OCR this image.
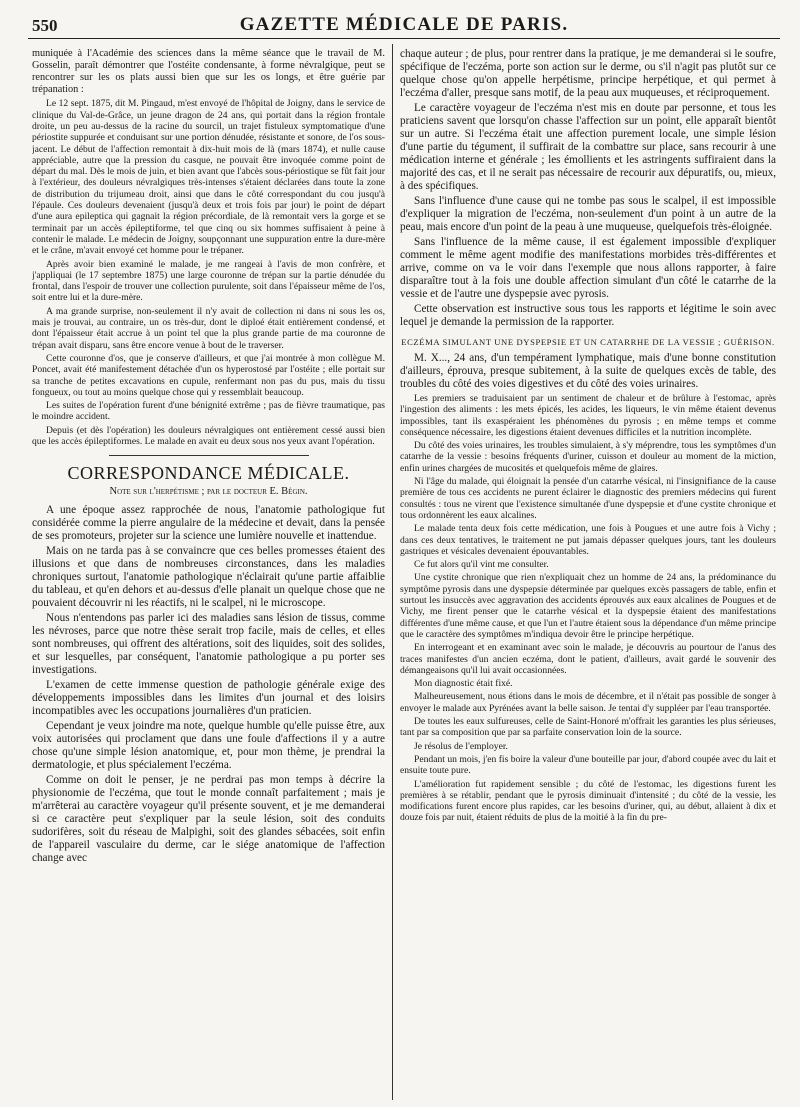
550	GAZETTE MÉDICALE DE PARIS.

muniquée à l'Académie des sciences dans la même séance que le travail de M. Gosselin, paraît démontrer que l'ostéite condensante, à forme névralgique, peut se rencontrer sur les os plats aussi bien que sur les os longs, et être guérie par trépanation :

Le 12 sept. 1875, dit M. Pingaud, m'est envoyé de l'hôpital de Joigny, dans le service de clinique du Val-de-Grâce, un jeune dragon de 24 ans, qui portait dans la région frontale droite, un peu au-dessus de la racine du sourcil, un trajet fistuleux symptomatique d'une périostite suppurée et conduisant sur une portion dénudée, résistante et sonore, de l'os sous-jacent. Le début de l'affection remontait à dix-huit mois de là (mars 1874), et nulle cause appréciable, autre que la pression du casque, ne pouvait être invoquée comme point de départ du mal. Dès le mois de juin, et bien avant que l'abcès sous-périostique se fût fait jour à l'extérieur, des douleurs névralgiques très-intenses s'étaient déclarées dans toute la zone de distribution du trijumeau droit, ainsi que dans le côté correspondant du cou jusqu'à l'épaule. Ces douleurs devenaient (jusqu'à deux et trois fois par jour) le point de départ d'une aura epileptica qui gagnait la région précordiale, de là remontait vers la gorge et se terminait par un accès épileptiforme, tel que cinq ou six hommes suffisaient à peine à contenir le malade. Le médecin de Joigny, soupçonnant une suppuration entre la dure-mère et le crâne, m'avait envoyé cet homme pour le trépaner.

Après avoir bien examiné le malade, je me rangeai à l'avis de mon confrère, et j'appliquai (le 17 septembre 1875) une large couronne de trépan sur la partie dénudée du frontal, dans l'espoir de trouver une collection purulente, soit dans l'épaisseur même de l'os, soit entre lui et la dure-mère.

A ma grande surprise, non-seulement il n'y avait de collection ni dans ni sous les os, mais je trouvai, au contraire, un os très-dur, dont le diploé était entièrement condensé, et dont l'épaisseur était accrue à un point tel que la plus grande partie de ma couronne de trépan avait disparu, sans être encore venue à bout de le traverser.

Cette couronne d'os, que je conserve d'ailleurs, et que j'ai montrée à mon collègue M. Poncet, avait été manifestement détachée d'un os hyperostosé par l'ostéite ; elle portait sur sa tranche de petites excavations en cupule, renfermant non pas du pus, mais du tissu fongueux, ou tout au moins quelque chose qui y ressemblait beaucoup.

Les suites de l'opération furent d'une bénignité extrême ; pas de fièvre traumatique, pas le moindre accident.

Depuis (et dès l'opération) les douleurs névralgiques ont entièrement cessé aussi bien que les accès épileptiformes. Le malade en avait eu deux sous nos yeux avant l'opération.

CORRESPONDANCE MÉDICALE.
Note sur l'herpétisme ; par le docteur E. Bégin.

A une époque assez rapprochée de nous, l'anatomie pathologique fut considérée comme la pierre angulaire de la médecine et devait, dans la pensée de ses promoteurs, projeter sur la science une lumière nouvelle et inattendue.

Mais on ne tarda pas à se convaincre que ces belles promesses étaient des illusions et que dans de nombreuses circonstances, dans les maladies chroniques surtout, l'anatomie pathologique n'éclairait qu'une partie affaiblie du tableau, et qu'en dehors et au-dessus d'elle planait un quelque chose que ne pouvaient découvrir ni les réactifs, ni le scalpel, ni le microscope.

Nous n'entendons pas parler ici des maladies sans lésion de tissus, comme les névroses, parce que notre thèse serait trop facile, mais de celles, et elles sont nombreuses, qui offrent des altérations, soit des liquides, soit des solides, et sur lesquelles, par conséquent, l'anatomie pathologique a pu porter ses investigations.

L'examen de cette immense question de pathologie générale exige des développements impossibles dans les limites d'un journal et des loisirs incompatibles avec les occupations journalières d'un praticien.

Cependant je veux joindre ma note, quelque humble qu'elle puisse être, aux voix autorisées qui proclament que dans une foule d'affections il y a autre chose qu'une simple lésion anatomique, et, pour mon thème, je prendrai la dermatologie, et plus spécialement l'eczéma.

Comme on doit le penser, je ne perdrai pas mon temps à décrire la physionomie de l'eczéma, que tout le monde connaît parfaitement ; mais je m'arrêterai au caractère voyageur qu'il présente souvent, et je me demanderai si ce caractère peut s'expliquer par la seule lésion, soit des conduits sudorifères, soit du réseau de Malpighi, soit des glandes sébacées, soit enfin de l'appareil vasculaire du derme, car le siége anatomique de l'affection change avec

chaque auteur ; de plus, pour rentrer dans la pratique, je me demanderai si le soufre, spécifique de l'eczéma, porte son action sur le derme, ou s'il n'agit pas plutôt sur ce quelque chose qu'on appelle herpétisme, principe herpétique, et qui permet à l'eczéma d'aller, presque sans motif, de la peau aux muqueuses, et réciproquement.

Le caractère voyageur de l'eczéma n'est mis en doute par personne, et tous les praticiens savent que lorsqu'on chasse l'affection sur un point, elle apparaît bientôt sur un autre. Si l'eczéma était une affection purement locale, une simple lésion d'une partie du tégument, il suffirait de la combattre sur place, sans recourir à une médication interne et générale ; les émollients et les astringents suffiraient dans la majorité des cas, et il ne serait pas nécessaire de recourir aux dépuratifs, ou, mieux, à des spécifiques.

Sans l'influence d'une cause qui ne tombe pas sous le scalpel, il est impossible d'expliquer la migration de l'eczéma, non-seulement d'un point à un autre de la peau, mais encore d'un point de la peau à une muqueuse, quelquefois très-éloignée.

Sans l'influence de la même cause, il est également impossible d'expliquer comment le même agent modifie des manifestations morbides très-différentes et arrive, comme on va le voir dans l'exemple que nous allons rapporter, à faire disparaître tout à la fois une double affection simulant d'un côté le catarrhe de la vessie et de l'autre une dyspepsie avec pyrosis.

Cette observation est instructive sous tous les rapports et légitime le soin avec lequel je demande la permission de la rapporter.

ECZÉMA SIMULANT UNE DYSPEPSIE ET UN CATARRHE DE LA VESSIE ; GUÉRISON.

M. X..., 24 ans, d'un tempérament lymphatique, mais d'une bonne constitution d'ailleurs, éprouva, presque subitement, à la suite de quelques excès de table, des troubles du côté des voies digestives et du côté des voies urinaires.

Les premiers se traduisaient par un sentiment de chaleur et de brûlure à l'estomac, après l'ingestion des aliments : les mets épicés, les acides, les liqueurs, le vin même étaient devenus impossibles, tant ils exaspéraient les phénomènes du pyrosis ; en même temps et comme conséquence nécessaire, les digestions étaient devenues difficiles et la nutrition incomplète.

Du côté des voies urinaires, les troubles simulaient, à s'y méprendre, tous les symptômes d'un catarrhe de la vessie : besoins fréquents d'uriner, cuisson et douleur au moment de la miction, enfin urines chargées de mucosités et quelquefois même de glaires.

Ni l'âge du malade, qui éloignait la pensée d'un catarrhe vésical, ni l'insignifiance de la cause première de tous ces accidents ne purent éclairer le diagnostic des premiers médecins qui furent consultés : tous ne virent que l'existence simultanée d'une dyspepsie et d'une cystite chronique et tous ordonnèrent les eaux alcalines.

Le malade tenta deux fois cette médication, une fois à Pougues et une autre fois à Vichy ; dans ces deux tentatives, le traitement ne put jamais dépasser quelques jours, tant les douleurs gastriques et vésicales devenaient épouvantables.

Ce fut alors qu'il vint me consulter.

Une cystite chronique que rien n'expliquait chez un homme de 24 ans, la prédominance du symptôme pyrosis dans une dyspepsie déterminée par quelques excès passagers de table, enfin et surtout les insuccès avec aggravation des accidents éprouvés aux eaux alcalines de Pougues et de Vichy, me firent penser que le catarrhe vésical et la dyspepsie étaient des manifestations différentes d'une même cause, et que l'un et l'autre étaient sous la dépendance d'un même principe que le caractère des symptômes m'indiqua devoir être le principe herpétique.

En interrogeant et en examinant avec soin le malade, je découvris au pourtour de l'anus des traces manifestes d'un ancien eczéma, dont le patient, d'ailleurs, avait gardé le souvenir des démangeaisons qu'il lui avait occasionnées.

Mon diagnostic était fixé.

Malheureusement, nous étions dans le mois de décembre, et il n'était pas possible de songer à envoyer le malade aux Pyrénées avant la belle saison. Je tentai d'y suppléer par l'eau transportée.

De toutes les eaux sulfureuses, celle de Saint-Honoré m'offrait les garanties les plus sérieuses, tant par sa composition que par sa parfaite conservation loin de la source.

Je résolus de l'employer.

Pendant un mois, j'en fis boire la valeur d'une bouteille par jour, d'abord coupée avec du lait et ensuite toute pure.

L'amélioration fut rapidement sensible ; du côté de l'estomac, les digestions furent les premières à se rétablir, pendant que le pyrosis diminuait d'intensité ; du côté de la vessie, les modifications furent encore plus rapides, car les besoins d'uriner, qui, au début, allaient à dix et douze fois par nuit, étaient réduits de plus de la moitié à la fin du pre-
